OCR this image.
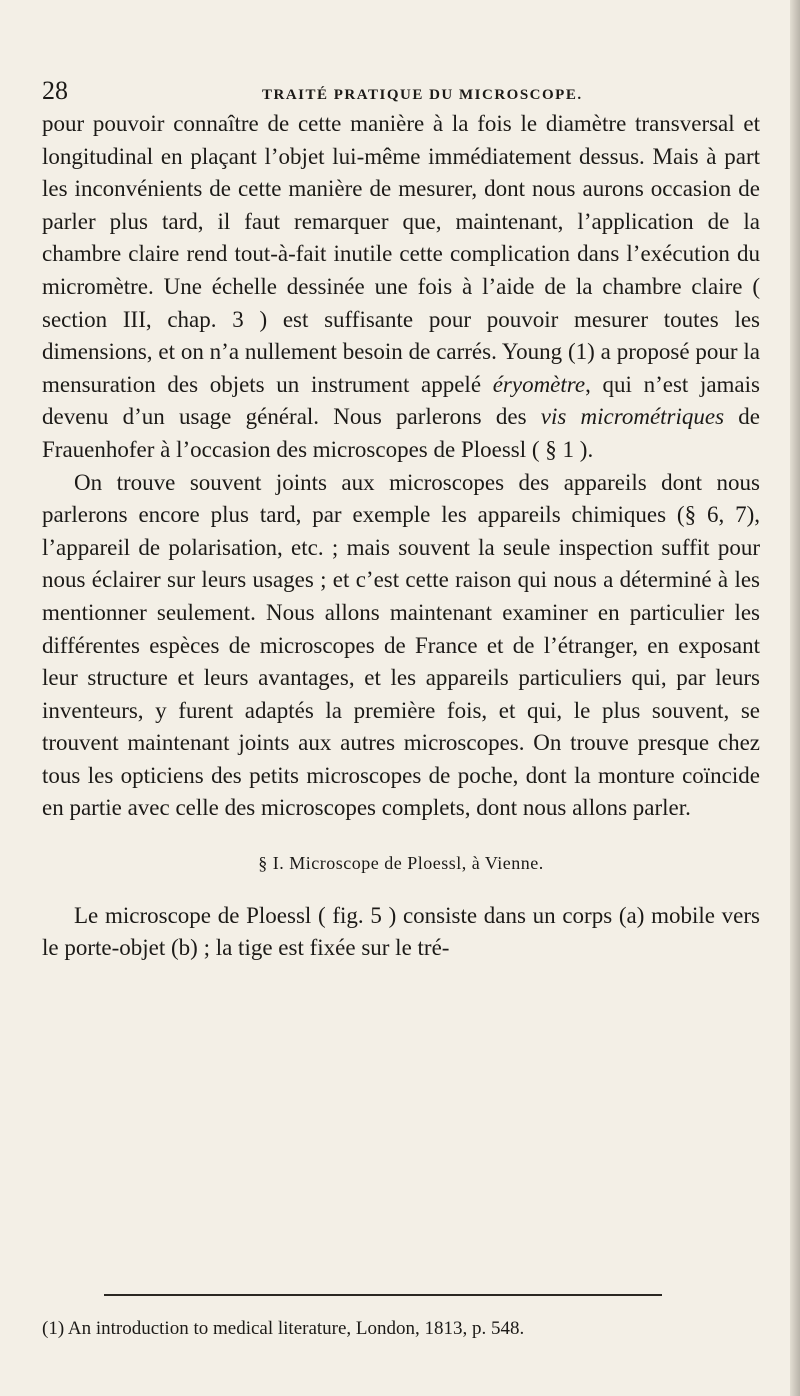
28	TRAITÉ PRATIQUE DU MICROSCOPE.

pour pouvoir connaître de cette manière à la fois le diamètre transversal et longitudinal en plaçant l’objet lui-même immédiatement dessus. Mais à part les inconvénients de cette manière de mesurer, dont nous aurons occasion de parler plus tard, il faut remarquer que, maintenant, l’application de la chambre claire rend tout-à-fait inutile cette complication dans l’exécution du micromètre. Une échelle dessinée une fois à l’aide de la chambre claire ( section III, chap. 3 ) est suffisante pour pouvoir mesurer toutes les dimensions, et on n’a nullement besoin de carrés. Young (1) a proposé pour la mensuration des objets un instrument appelé éryomètre, qui n’est jamais devenu d’un usage général. Nous parlerons des vis micrométriques de Frauenhofer à l’occasion des microscopes de Ploessl ( § 1 ).

On trouve souvent joints aux microscopes des appareils dont nous parlerons encore plus tard, par exemple les appareils chimiques (§ 6, 7), l’appareil de polarisation, etc. ; mais souvent la seule inspection suffit pour nous éclairer sur leurs usages ; et c’est cette raison qui nous a déterminé à les mentionner seulement. Nous allons maintenant examiner en particulier les différentes espèces de microscopes de France et de l’étranger, en exposant leur structure et leurs avantages, et les appareils particuliers qui, par leurs inventeurs, y furent adaptés la première fois, et qui, le plus souvent, se trouvent maintenant joints aux autres microscopes. On trouve presque chez tous les opticiens des petits microscopes de poche, dont la monture coïncide en partie avec celle des microscopes complets, dont nous allons parler.

§ I. Microscope de Ploessl, à Vienne.

Le microscope de Ploessl ( fig. 5 ) consiste dans un corps (a) mobile vers le porte-objet (b) ; la tige est fixée sur le tré-

(1) An introduction to medical literature, London, 1813, p. 548.
